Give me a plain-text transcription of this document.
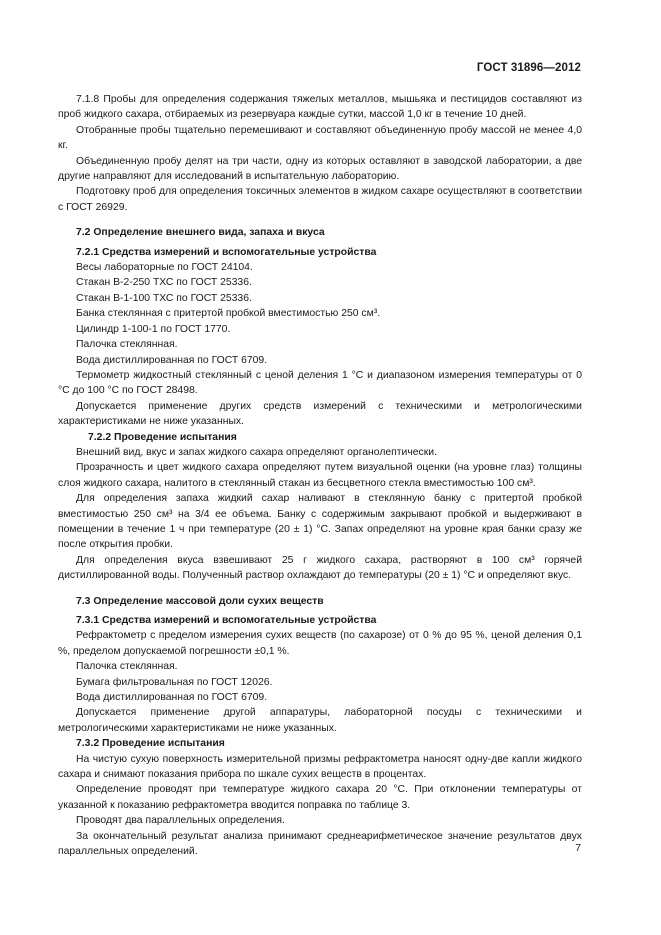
ГОСТ 31896—2012

7.1.8 Пробы для определения содержания тяжелых металлов, мышьяка и пестицидов составляют из проб жидкого сахара, отбираемых из резервуара каждые сутки, массой 1,0 кг в течение 10 дней.

Отобранные пробы тщательно перемешивают и составляют объединенную пробу массой не менее 4,0 кг.

Объединенную пробу делят на три части, одну из которых оставляют в заводской лаборатории, а две другие направляют для исследований в испытательную лабораторию.

Подготовку проб для определения токсичных элементов в жидком сахаре осуществляют в соответствии с ГОСТ 26929.

7.2 Определение внешнего вида, запаха и вкуса
7.2.1 Средства измерений и вспомогательные устройства

Весы лабораторные по ГОСТ 24104.

Стакан В-2-250 ТХС по ГОСТ 25336.

Стакан В-1-100 ТХС по ГОСТ 25336.

Банка стеклянная с притертой пробкой вместимостью 250 см³.

Цилиндр 1-100-1 по ГОСТ 1770.

Палочка стеклянная.

Вода дистиллированная по ГОСТ 6709.

Термометр жидкостный стеклянный с ценой деления 1 °С и диапазоном измерения температуры от 0 °С до 100 °С по ГОСТ 28498.

Допускается применение других средств измерений с техническими и метрологическими характеристиками не ниже указанных.

7.2.2 Проведение испытания

Внешний вид, вкус и запах жидкого сахара определяют органолептически.

Прозрачность и цвет жидкого сахара определяют путем визуальной оценки (на уровне глаз) толщины слоя жидкого сахара, налитого в стеклянный стакан из бесцветного стекла вместимостью 100 см³.

Для определения запаха жидкий сахар наливают в стеклянную банку с притертой пробкой вместимостью 250 см³ на 3/4 ее объема. Банку с содержимым закрывают пробкой и выдерживают в помещении в течение 1 ч при температуре (20 ± 1) °С. Запах определяют на уровне края банки сразу же после открытия пробки.

Для определения вкуса взвешивают 25 г жидкого сахара, растворяют в 100 см³ горячей дистиллированной воды. Полученный раствор охлаждают до температуры (20 ± 1) °С и определяют вкус.

7.3 Определение массовой доли сухих веществ
7.3.1 Средства измерений и вспомогательные устройства

Рефрактометр с пределом измерения сухих веществ (по сахарозе) от 0 % до 95 %, ценой деления 0,1 %, пределом допускаемой погрешности ±0,1 %.

Палочка стеклянная.

Бумага фильтровальная по ГОСТ 12026.

Вода дистиллированная по ГОСТ 6709.

Допускается применение другой аппаратуры, лабораторной посуды с техническими и метрологическими характеристиками не ниже указанных.

7.3.2 Проведение испытания

На чистую сухую поверхность измерительной призмы рефрактометра наносят одну-две капли жидкого сахара и снимают показания прибора по шкале сухих веществ в процентах.

Определение проводят при температуре жидкого сахара 20 °С. При отклонении температуры от указанной к показанию рефрактометра вводится поправка по таблице 3.

Проводят два параллельных определения.

За окончательный результат анализа принимают среднеарифметическое значение результатов двух параллельных определений.	7
